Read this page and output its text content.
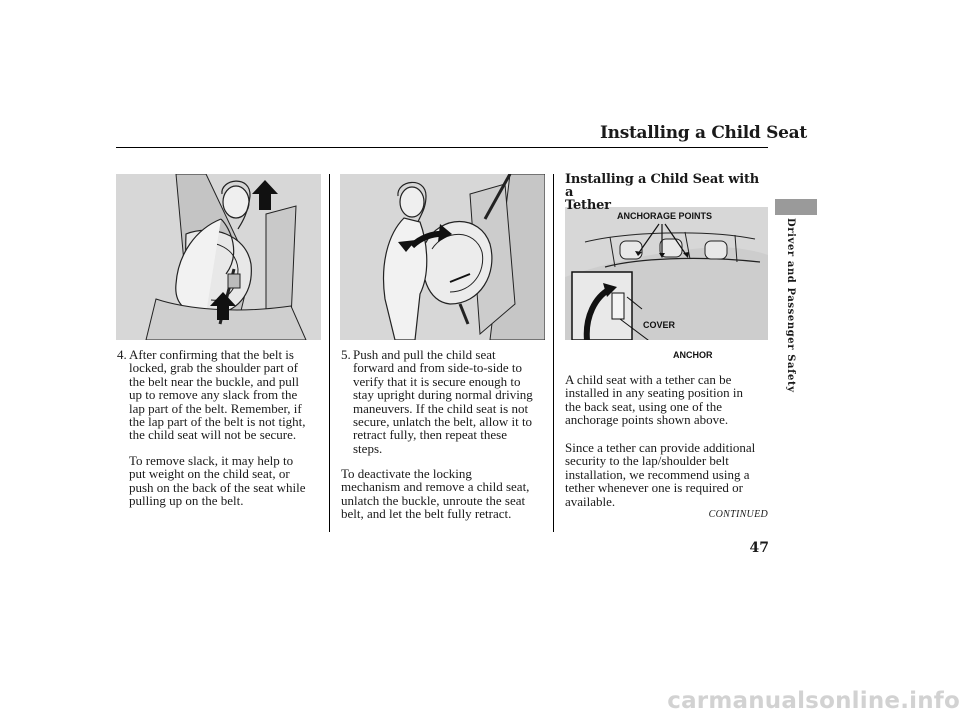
Installing a Child Seat
ANCHORAGE POINTS
COVER
ANCHOR
4. After confirming that the belt is
locked, grab the shoulder part of
the belt near the buckle, and pull
up to remove any slack from the
lap part of the belt. Remember, if
the lap part of the belt is not tight,
the child seat will not be secure.
To remove slack, it may help to
put weight on the child seat, or
push on the back of the seat while
pulling up on the belt.
5. Push and pull the child seat
forward and from side-to-side to
verify that it is secure enough to
stay upright during normal driving
maneuvers. If the child seat is not
secure, unlatch the belt, allow it to
retract fully, then repeat these
steps.
To deactivate the locking
mechanism and remove a child seat,
unlatch the buckle, unroute the seat
belt, and let the belt fully retract.
Installing a Child Seat with a
Tether
A child seat with a tether can be
installed in any seating position in
the back seat, using one of the
anchorage points shown above.
Since a tether can provide additional
security to the lap/shoulder belt
installation, we recommend using a
tether whenever one is required or
available.
CONTINUED
47
Driver and Passenger Safety
carmanualsonline.info
